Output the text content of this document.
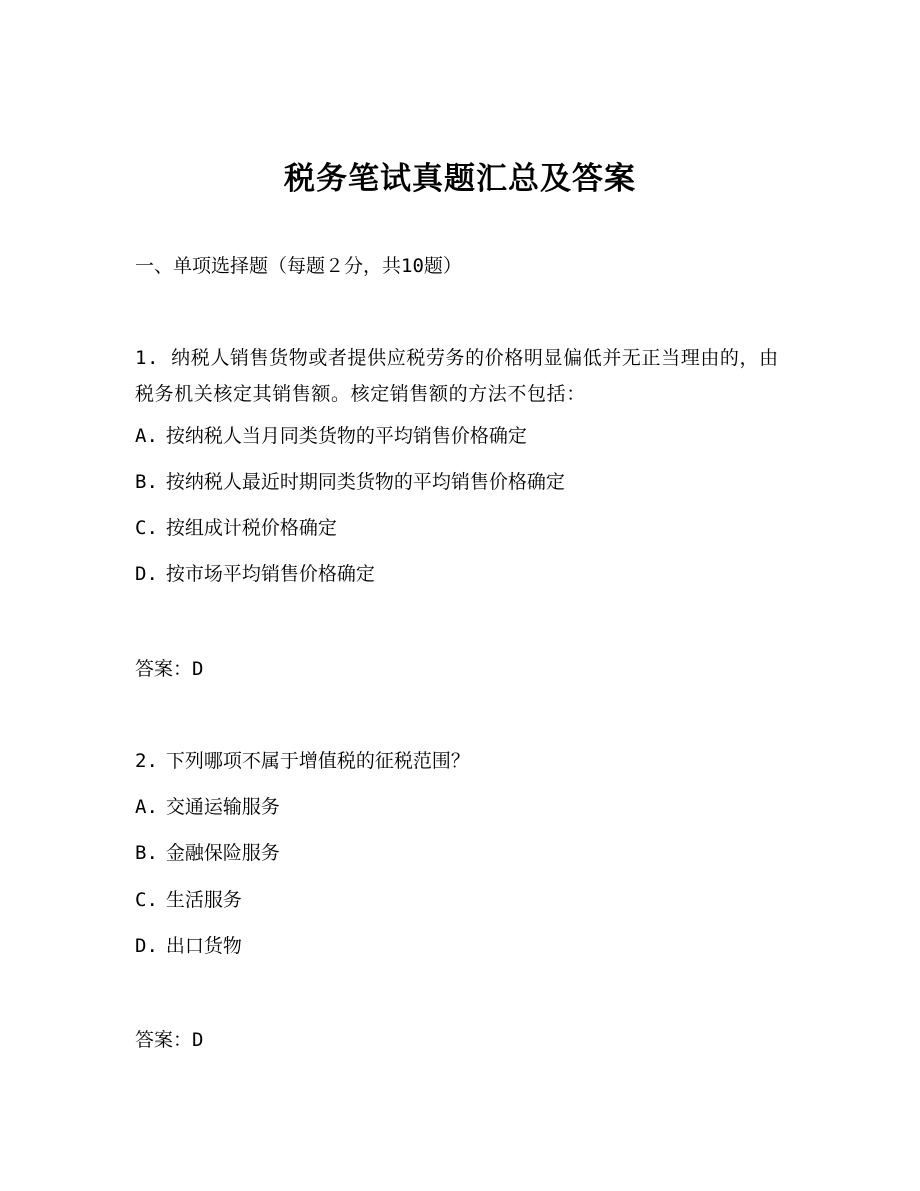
税务笔试真题汇总及答案
一、单项选择题（每题２分，共10题）
1. 纳税人销售货物或者提供应税劳务的价格明显偏低并无正当理由的，由税务机关核定其销售额。核定销售额的方法不包括：
A. 按纳税人当月同类货物的平均销售价格确定
B. 按纳税人最近时期同类货物的平均销售价格确定
C. 按组成计税价格确定
D. 按市场平均销售价格确定
答案：D
2. 下列哪项不属于增值税的征税范围？
A. 交通运输服务
B. 金融保险服务
C. 生活服务
D. 出口货物
答案：D
